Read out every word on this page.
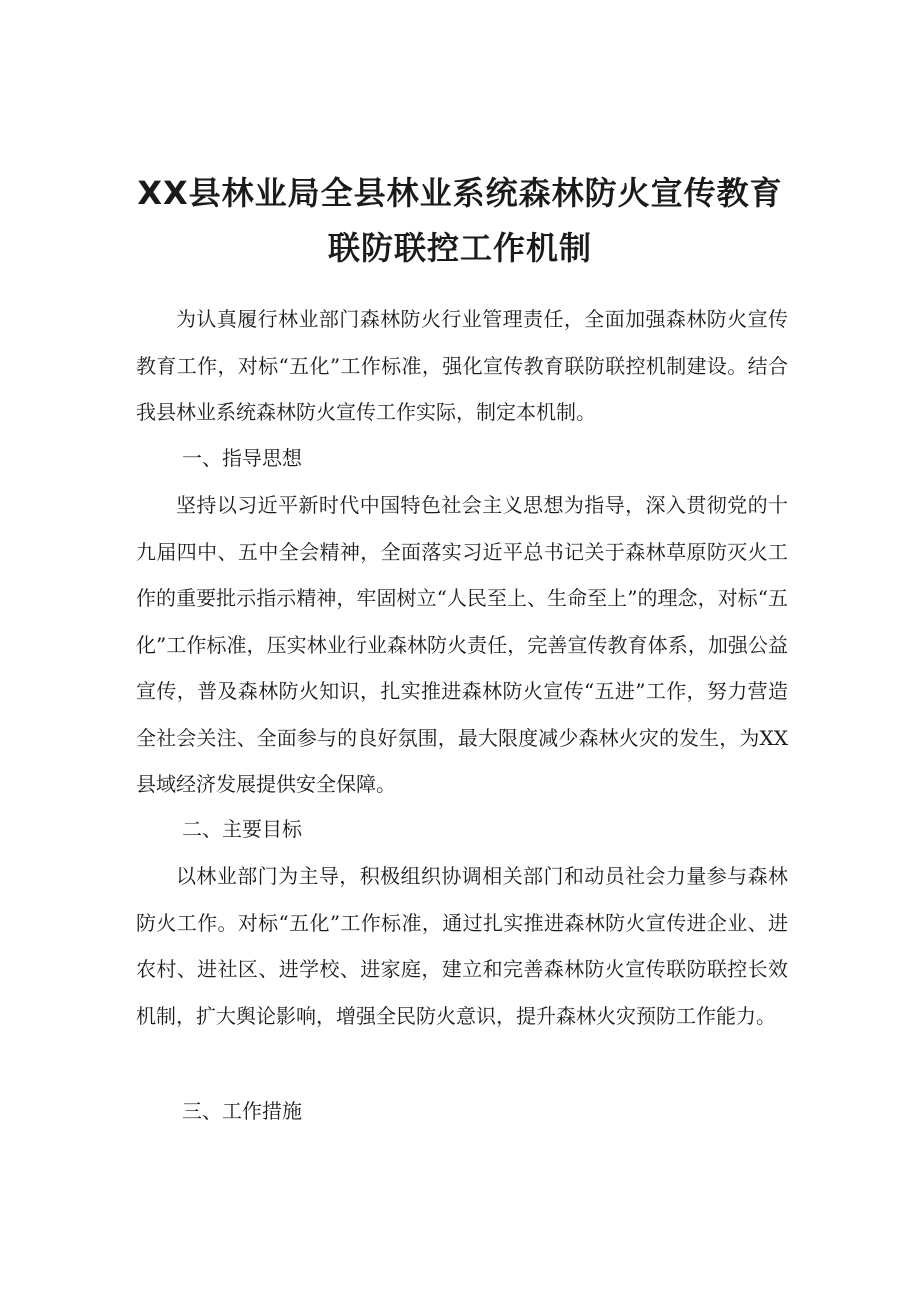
XX县林业局全县林业系统森林防火宣传教育
联防联控工作机制

为认真履行林业部门森林防火行业管理责任，全面加强森林防火宣传教育工作，对标“五化”工作标准，强化宣传教育联防联控机制建设。结合我县林业系统森林防火宣传工作实际，制定本机制。

一、指导思想

坚持以习近平新时代中国特色社会主义思想为指导，深入贯彻党的十九届四中、五中全会精神，全面落实习近平总书记关于森林草原防灭火工作的重要批示指示精神，牢固树立“人民至上、生命至上”的理念，对标“五化”工作标准，压实林业行业森林防火责任，完善宣传教育体系，加强公益宣传，普及森林防火知识，扎实推进森林防火宣传“五进”工作，努力营造全社会关注、全面参与的良好氛围，最大限度减少森林火灾的发生，为XX县域经济发展提供安全保障。

二、主要目标

以林业部门为主导，积极组织协调相关部门和动员社会力量参与森林防火工作。对标“五化”工作标准，通过扎实推进森林防火宣传进企业、进农村、进社区、进学校、进家庭，建立和完善森林防火宣传联防联控长效机制，扩大舆论影响，增强全民防火意识，提升森林火灾预防工作能力。

三、工作措施
